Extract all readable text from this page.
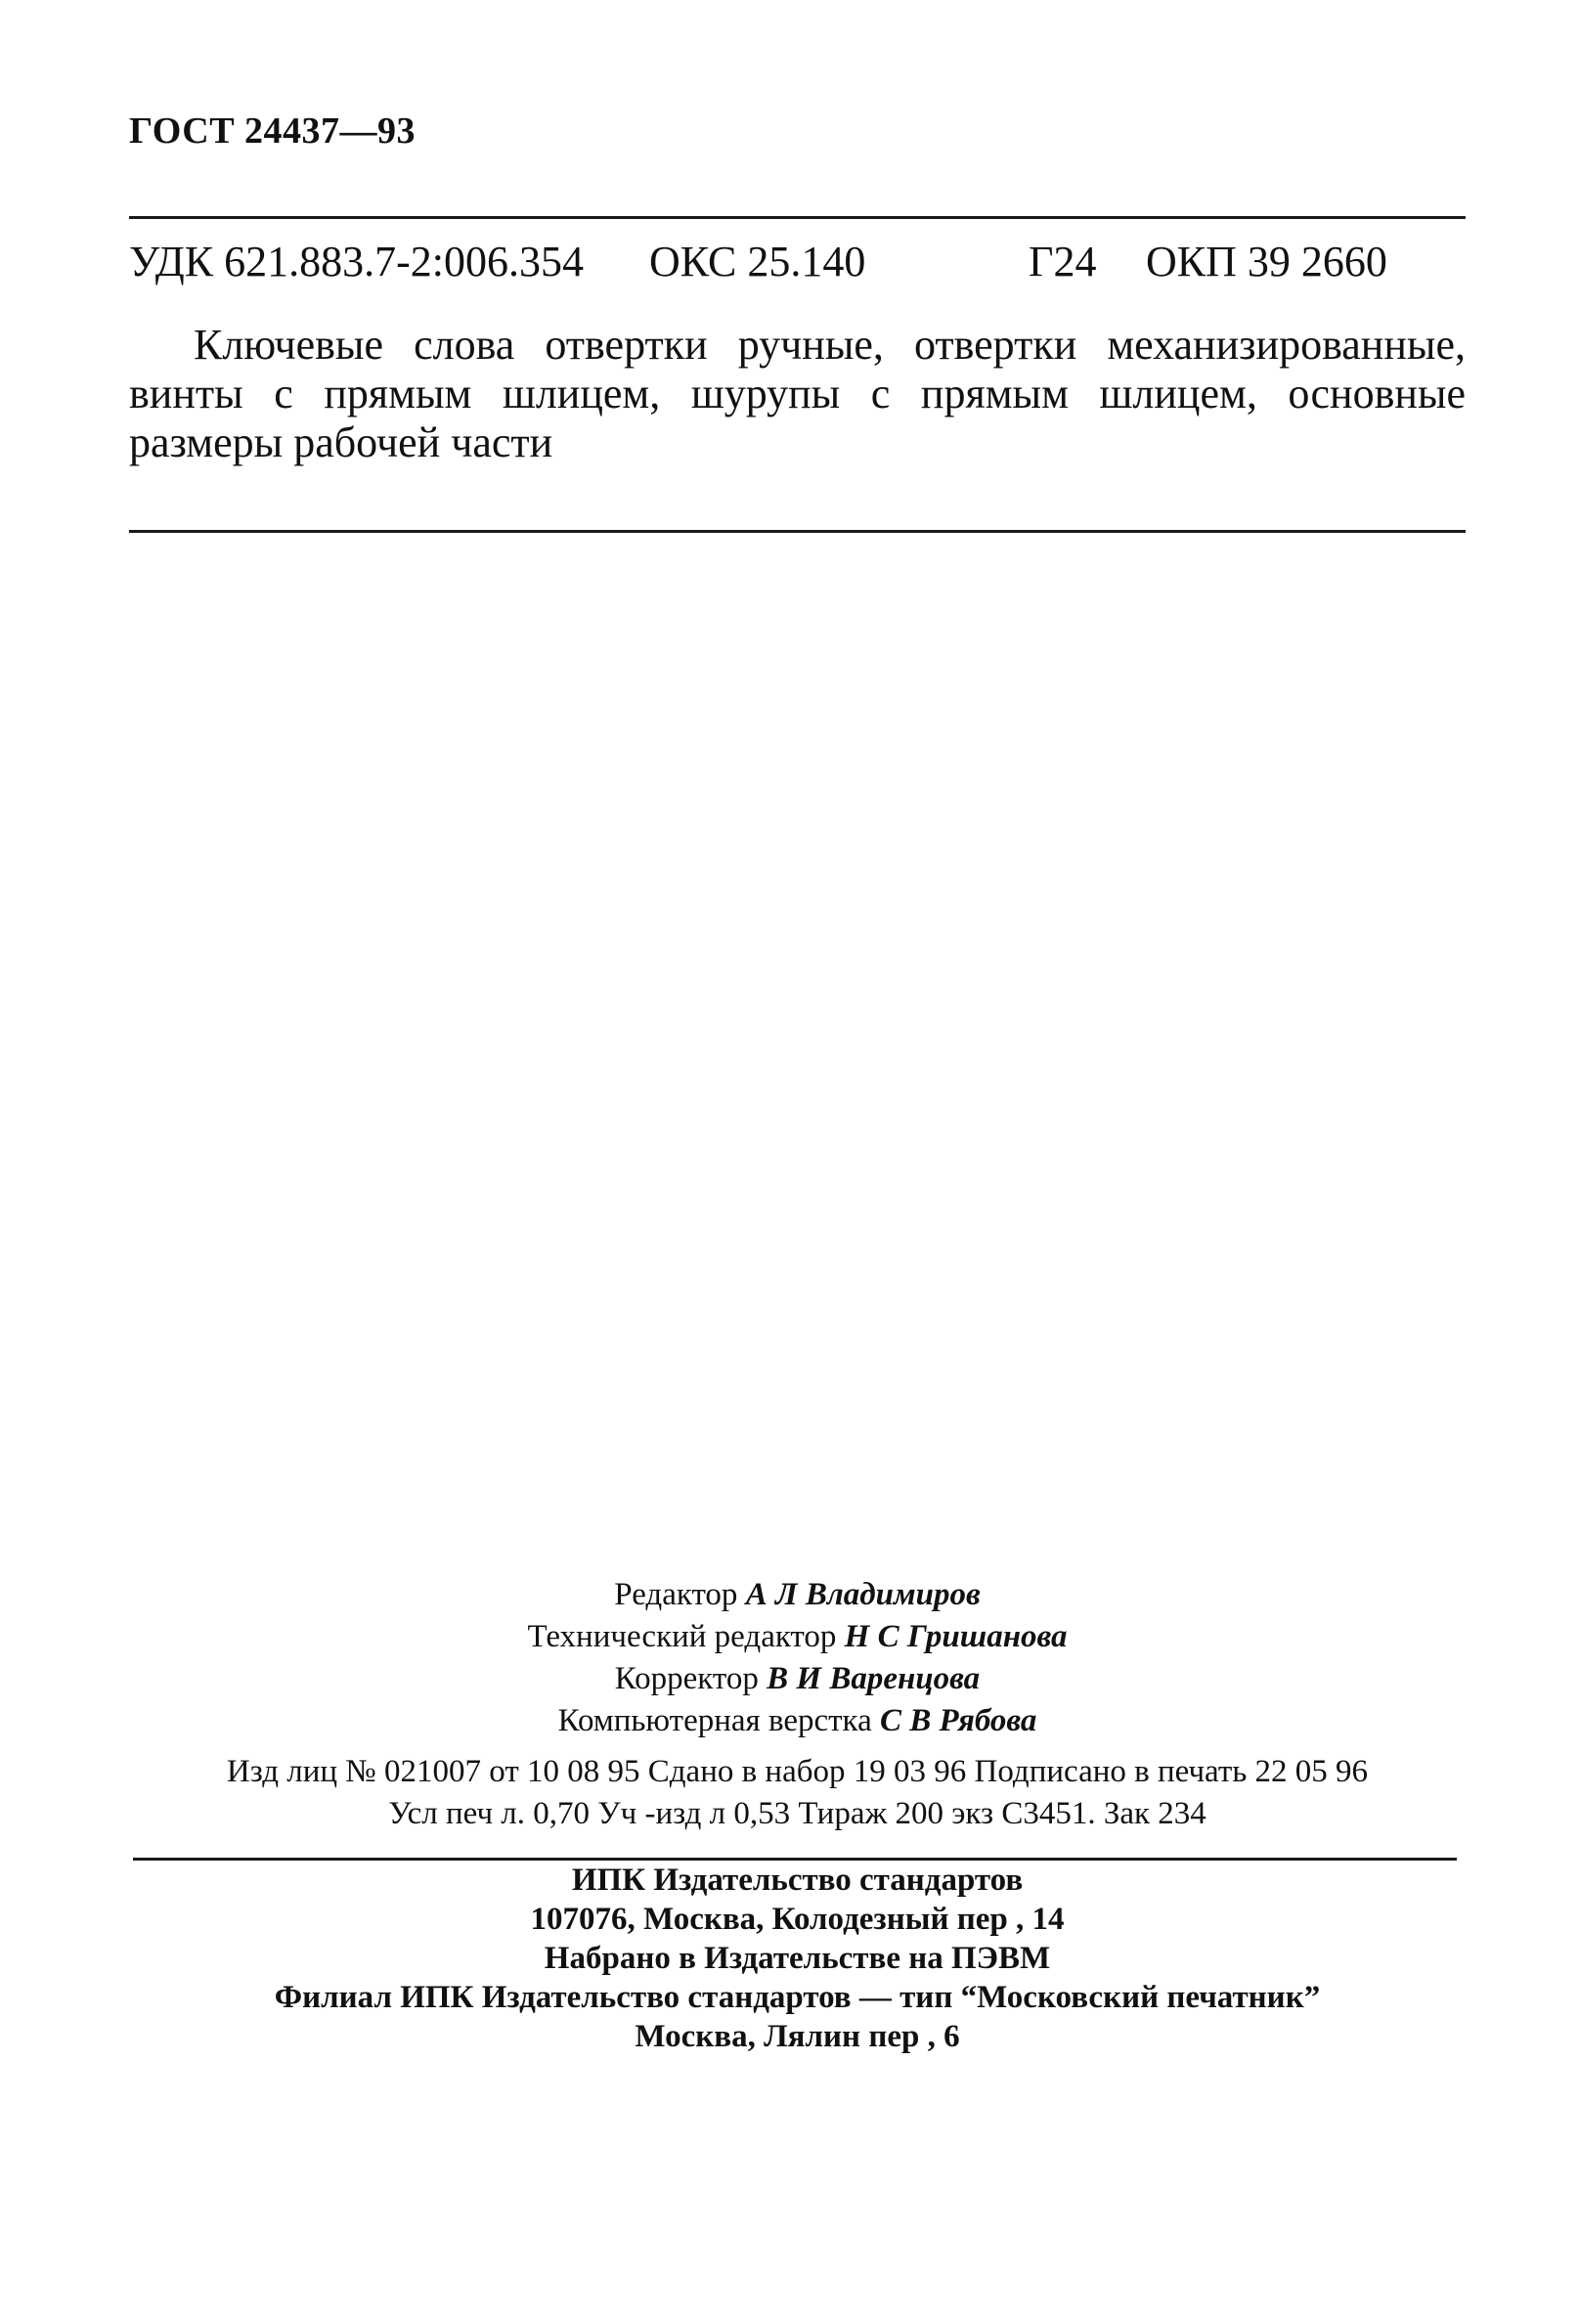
ГОСТ 24437—93
УДК 621.883.7-2:006.354 ОКС 25.140	Г24 ОКП 39 2660
Ключевые слова отвертки ручные, отвертки механизированные,
винты с прямым шлицем, шурупы с прямым шлицем, основные
размеры рабочей части
Редактор А Л Владимиров
Технический редактор Н С Гришанова
Корректор В И Варенцова
Компьютерная верстка С В Рябова
Изд лиц № 021007 от 10 08 95 Сдано в набор 19 03 96 Подписано в печать 22 05 96
Усл печ л. 0,70 Уч -изд л 0,53 Тираж 200 экз С3451. Зак 234
ИПК Издательство стандартов
107076, Москва, Колодезный пер , 14
Набрано в Издательстве на ПЭВМ
Филиал ИПК Издательство стандартов — тип “Московский печатник”
Москва, Лялин пер , 6
